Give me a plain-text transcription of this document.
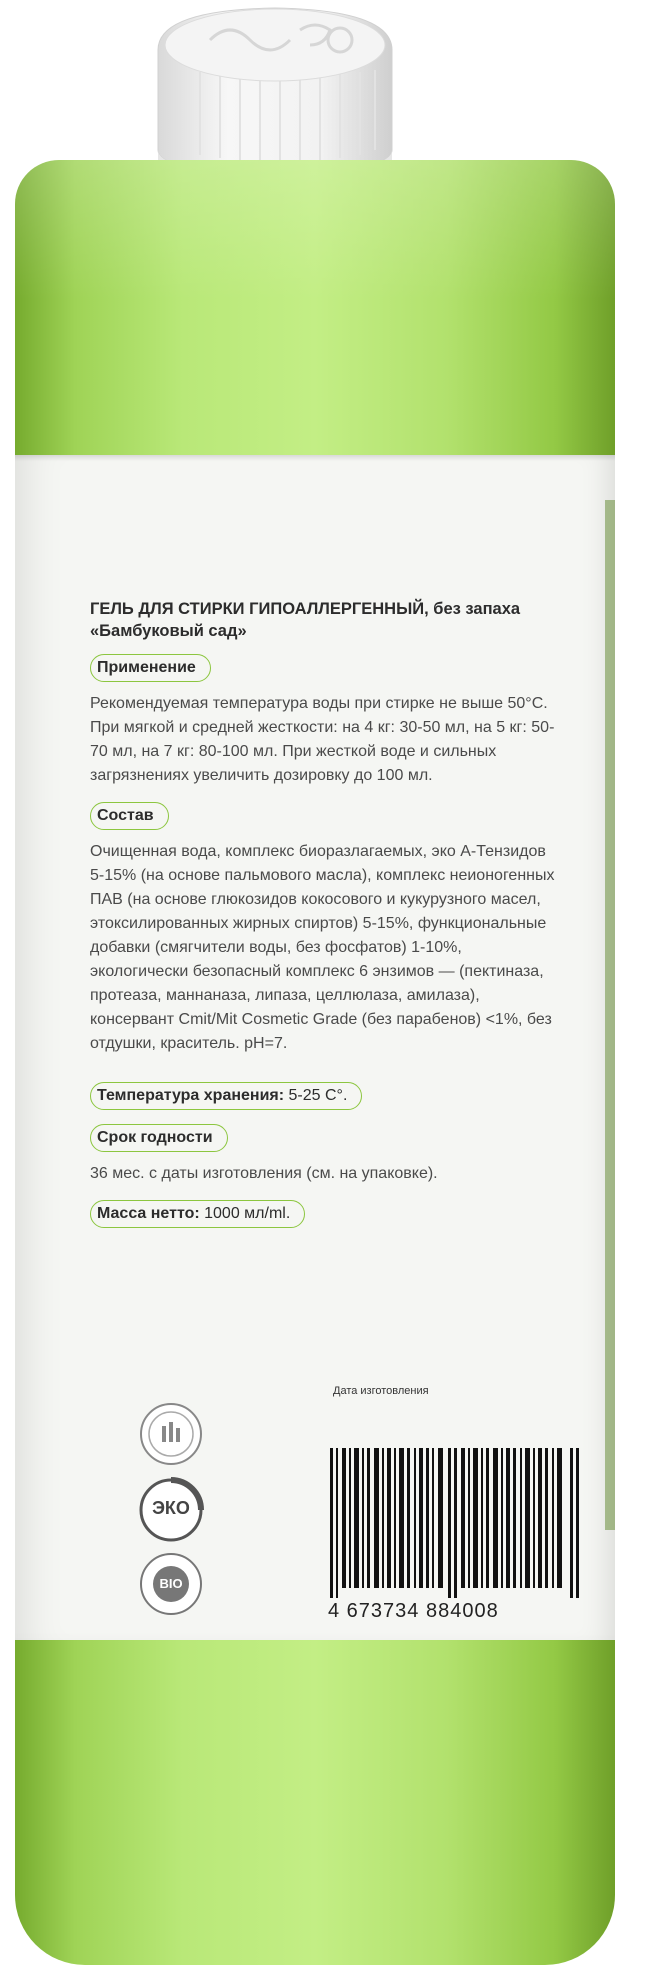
ГЕЛЬ ДЛЯ СТИРКИ ГИПОАЛЛЕРГЕННЫЙ, без запаха «Бамбуковый сад»
Применение
Рекомендуемая температура воды при стирке не выше 50°С. При мягкой и средней жесткости: на 4 кг: 30-50 мл, на 5 кг: 50-70 мл, на 7 кг: 80-100 мл. При жесткой воде и сильных загрязнениях увеличить дозировку до 100 мл.
Состав
Очищенная вода, комплекс биоразлагаемых, эко А-Тензидов 5-15% (на основе пальмового масла), комплекс неионогенных ПАВ (на основе глюкозидов кокосового и кукурузного масел, этоксилированных жирных спиртов) 5-15%, функциональные добавки (смягчители воды, без фосфатов) 1-10%, экологически безопасный комплекс 6 энзимов — (пектиназа, протеаза, маннаназа, липаза, целлюлаза, амилаза), консервант Cmit/Mit Cosmetic Grade (без парабенов) <1%, без отдушки, краситель. pH=7.
Температура хранения: 5-25 С°.
Срок годности
36 мес. с даты изготовления (см. на упаковке).
Масса нетто: 1000 мл/ml.
Дата изготовления
ЭКО
BIO
4 673734 884008
